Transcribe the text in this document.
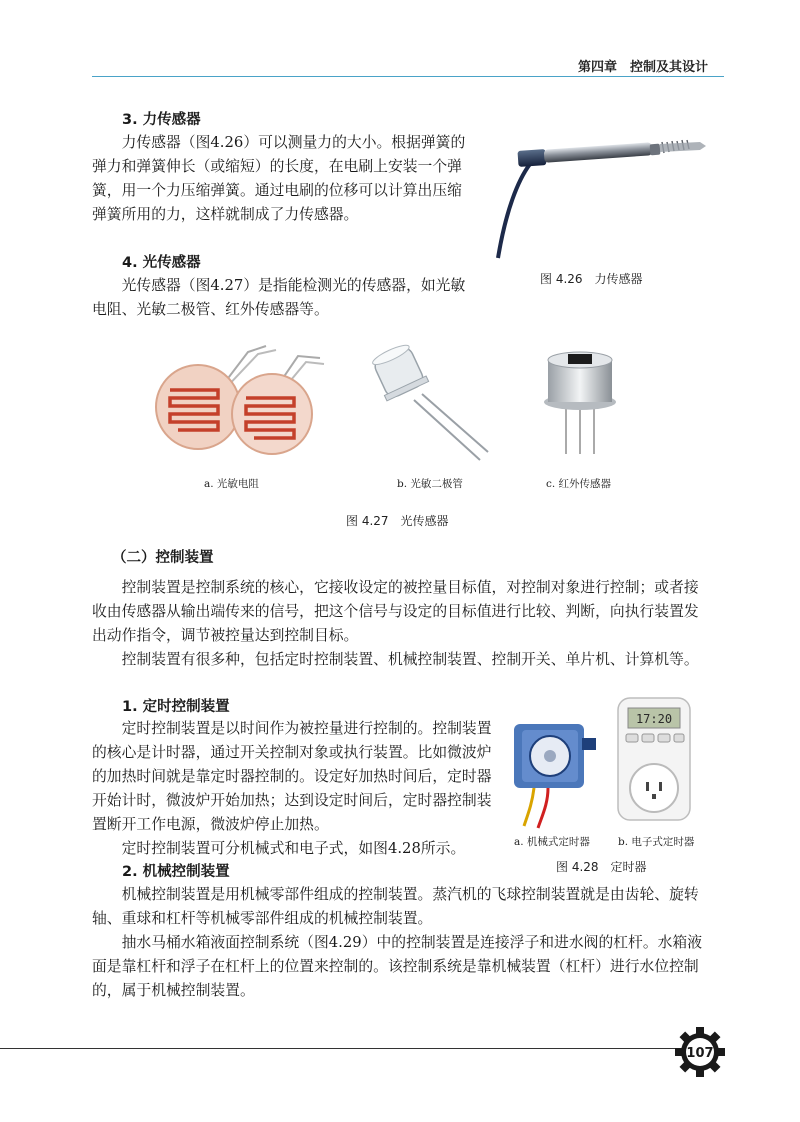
第四章　控制及其设计
3. 力传感器

力传感器（图4.26）可以测量力的大小。根据弹簧的弹力和弹簧伸长（或缩短）的长度，在电刷上安装一个弹簧，用一个力压缩弹簧。通过电刷的位移可以计算出压缩弹簧所用的力，这样就制成了力传感器。

4. 光传感器

光传感器（图4.27）是指能检测光的传感器，如光敏电阻、光敏二极管、红外传感器等。

图 4.26　力传感器
a. 光敏电阻	b. 光敏二极管	c. 红外传感器
图 4.27　光传感器
（二）控制装置

控制装置是控制系统的核心，它接收设定的被控量目标值，对控制对象进行控制；或者接收由传感器从输出端传来的信号，把这个信号与设定的目标值进行比较、判断，向执行装置发出动作指令，调节被控量达到控制目标。

控制装置有很多种，包括定时控制装置、机械控制装置、控制开关、单片机、计算机等。

1. 定时控制装置

定时控制装置是以时间作为被控量进行控制的。控制装置的核心是计时器，通过开关控制对象或执行装置。比如微波炉的加热时间就是靠定时器控制的。设定好加热时间后，定时器开始计时，微波炉开始加热；达到设定时间后，定时器控制装置断开工作电源，微波炉停止加热。

定时控制装置可分机械式和电子式，如图4.28所示。

17:20
a. 机械式定时器	b. 电子式定时器
图 4.28　定时器
2. 机械控制装置

机械控制装置是用机械零部件组成的控制装置。蒸汽机的飞球控制装置就是由齿轮、旋转轴、重球和杠杆等机械零部件组成的机械控制装置。

抽水马桶水箱液面控制系统（图4.29）中的控制装置是连接浮子和进水阀的杠杆。水箱液面是靠杠杆和浮子在杠杆上的位置来控制的。该控制系统是靠机械装置（杠杆）进行水位控制的，属于机械控制装置。

107
